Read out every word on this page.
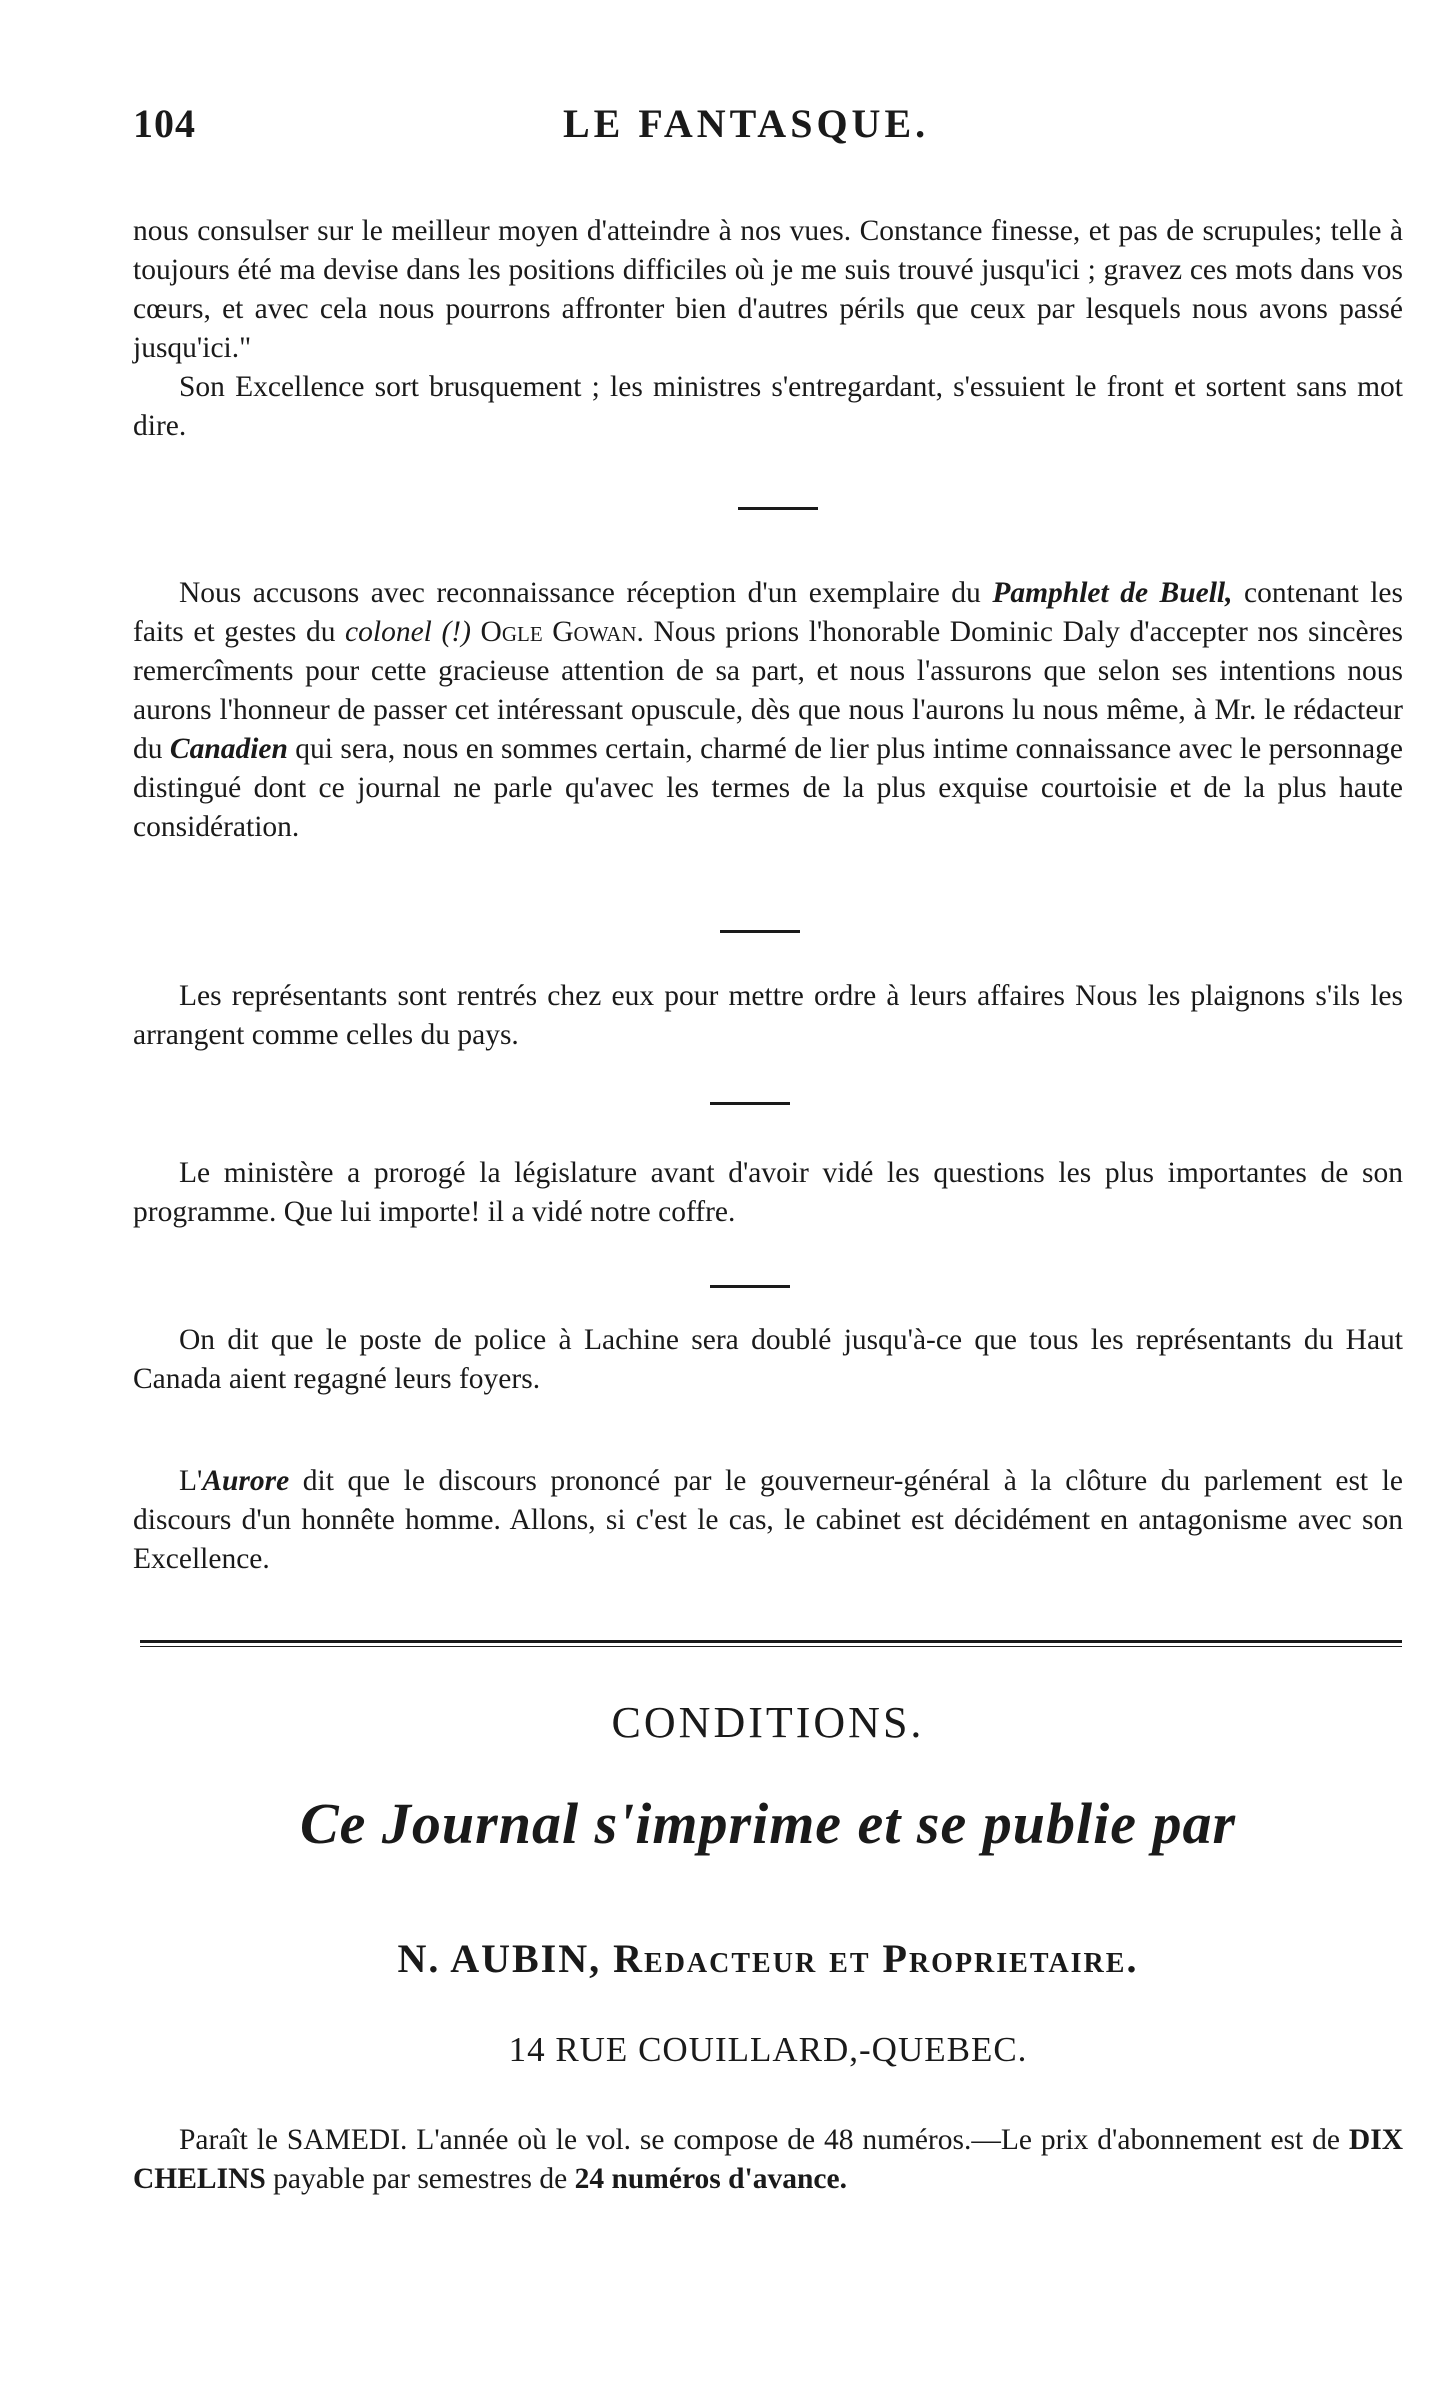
104	LE FANTASQUE.

nous consulser sur le meilleur moyen d'atteindre à nos vues. Constance finesse, et pas de scrupules; telle à toujours été ma devise dans les positions difficiles où je me suis trouvé jusqu'ici ; gravez ces mots dans vos cœurs, et avec cela nous pourrons affronter bien d'autres périls que ceux par lesquels nous avons passé jusqu'ici."

Son Excellence sort brusquement ; les ministres s'entregardant, s'essuient le front et sortent sans mot dire.

Nous accusons avec reconnaissance réception d'un exemplaire du Pamphlet de Buell, contenant les faits et gestes du colonel (!) Ogle Gowan. Nous prions l'honorable Dominic Daly d'accepter nos sincères remercîments pour cette gracieuse attention de sa part, et nous l'assurons que selon ses intentions nous aurons l'honneur de passer cet intéressant opuscule, dès que nous l'aurons lu nous même, à Mr. le rédacteur du Canadien qui sera, nous en sommes certain, charmé de lier plus intime connaissance avec le personnage distingué dont ce journal ne parle qu'avec les termes de la plus exquise courtoisie et de la plus haute considération.

Les représentants sont rentrés chez eux pour mettre ordre à leurs affaires Nous les plaignons s'ils les arrangent comme celles du pays.

Le ministère a prorogé la législature avant d'avoir vidé les questions les plus importantes de son programme. Que lui importe! il a vidé notre coffre.

On dit que le poste de police à Lachine sera doublé jusqu'à-ce que tous les représentants du Haut Canada aient regagné leurs foyers.

L'Aurore dit que le discours prononcé par le gouverneur-général à la clôture du parlement est le discours d'un honnête homme. Allons, si c'est le cas, le cabinet est décidément en antagonisme avec son Excellence.

CONDITIONS.
Ce Journal s'imprime et se publie par
N. AUBIN, Redacteur et Proprietaire.
14 RUE COUILLARD,-QUEBEC.

Paraît le SAMEDI. L'année où le vol. se compose de 48 numéros.—Le prix d'abonnement est de DIX CHELINS payable par semestres de 24 numéros d'avance.
